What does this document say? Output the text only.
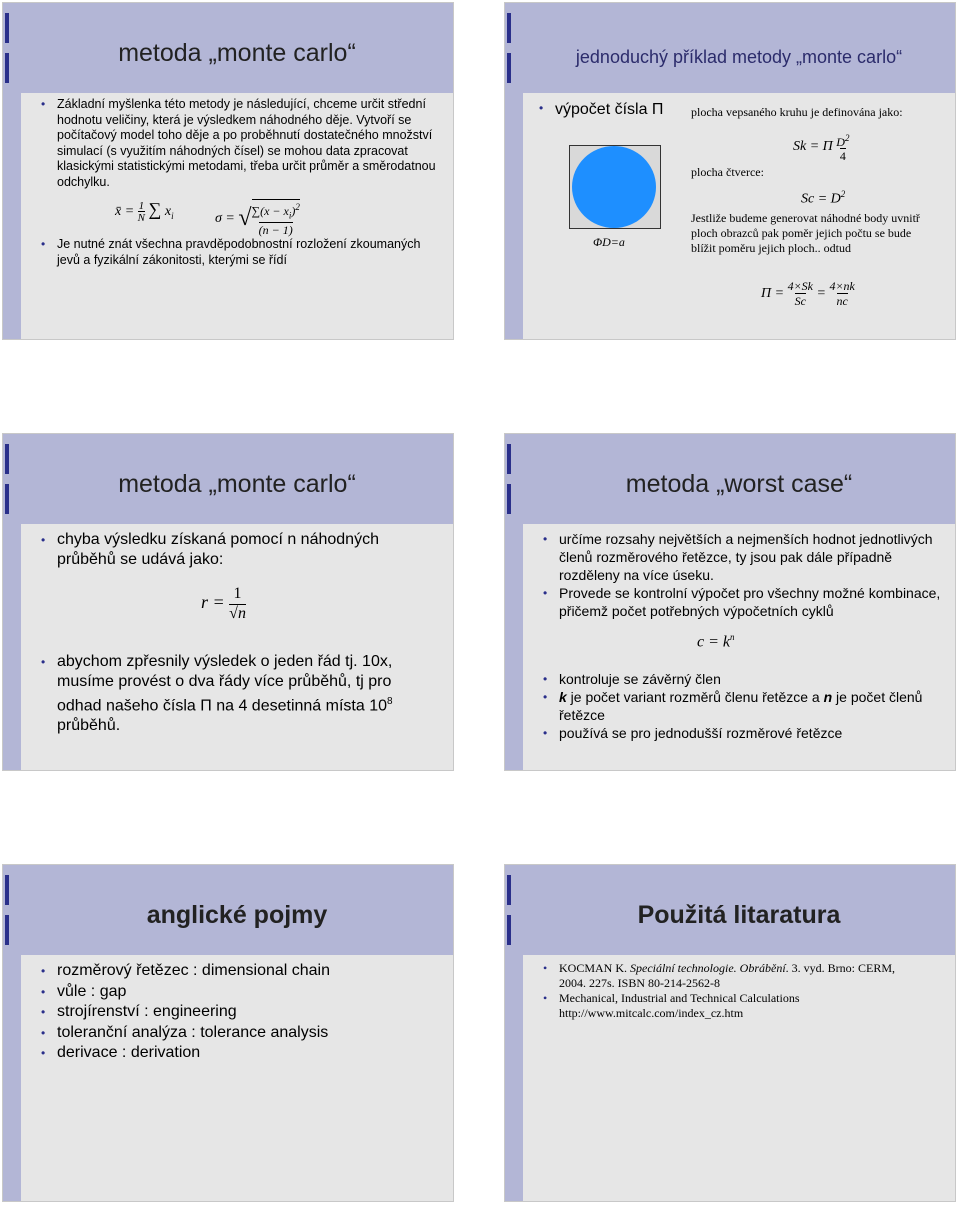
metoda „monte carlo“
• Základní myšlenka této metody je následující, chceme určit střední hodnotu veličiny, která je výsledkem náhodného děje. Vytvoří se počítačový model toho děje a po proběhnutí dostatečného množství simulací (s využitím náhodných čísel) se mohou data zpracovat klasickými statistickými metodami, třeba určit průměr a směrodatnou odchylku.
x̄ = 1
N ∑ $x_i$	$\sigma = √\sum(x - x_i)^2$
(n − 1)
• Je nutné znát všechna pravděpodobnostní rozložení zkoumaných jevů a fyzikální zákonitosti, kterými se řídí
jednoduchý příklad metody „monte carlo“
• výpočet čísla Π
ΦD=a
plocha vepsaného kruhu je definována jako:
Sk = Π $D^2$
4
plocha čtverce:
$Sc = D^2$
Jestliže budeme generovat náhodné body uvnitř ploch obrazců pak poměr jejich počtu se bude blížit poměru jejich ploch.. odtud
Π = 4×Sk
Sc = 4×nk
nc
metoda „monte carlo“
• chyba výsledku získaná pomocí n náhodných průběhů se udává jako:
$r = \frac{1}{√n}$
• abychom zpřesnily výsledek o jeden řád tj. 10x, musíme provést o dva řády více průběhů, tj pro odhad našeho čísla Π na 4 desetinná místa $10^8$ průběhů.
metoda „worst case“
• určíme rozsahy největších a nejmenších hodnot jednotlivých členů rozměrového řetězce, ty jsou pak dále případně rozděleny na více úseku.
• Provede se kontrolní výpočet pro všechny možné kombinace, přičemž počet potřebných výpočetních cyklů
$c = k^n$
• kontroluje se závěrný člen
• k je počet variant rozměrů členu řetězce a n je počet členů řetězce
• používá se pro jednodušší rozměrové řetězce
anglické pojmy
• rozměrový řetězec : dimensional chain
• vůle : gap
• strojírenství : engineering
• toleranční analýza : tolerance analysis
• derivace : derivation
Použitá litaratura
• KOCMAN K. Speciální technologie. Obrábění. 3. vyd. Brno: CERM, 2004. 227s. ISBN 80-214-2562-8
• Mechanical, Industrial and Technical Calculations http://www.mitcalc.com/index_cz.htm
